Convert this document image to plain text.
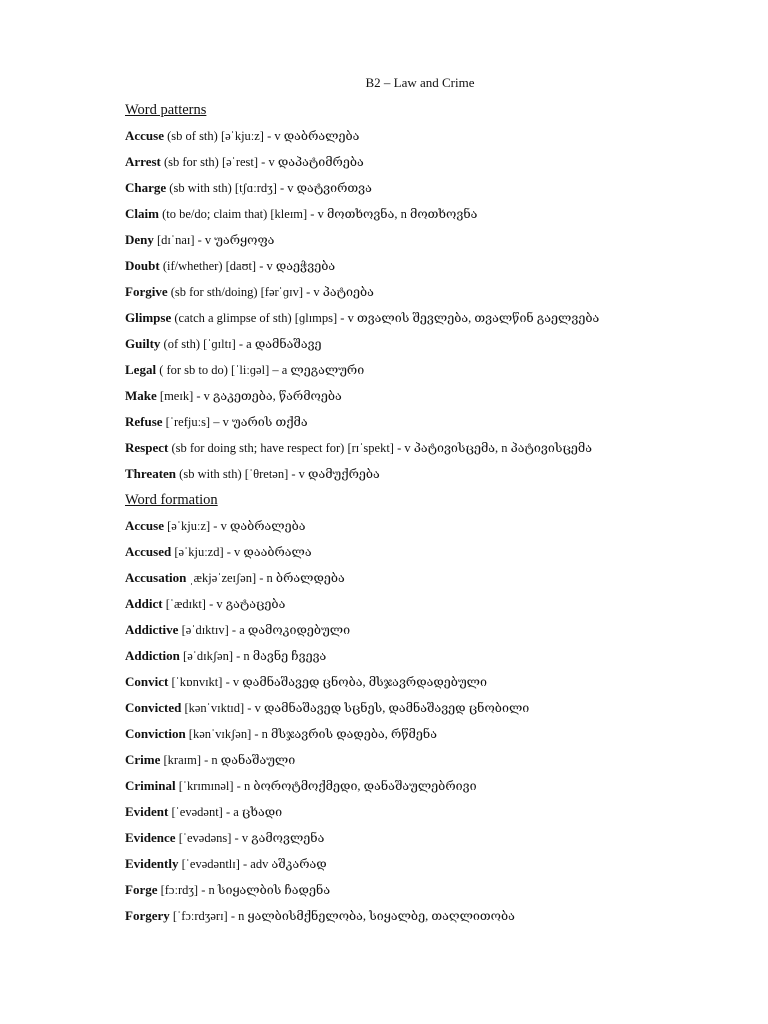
B2 – Law and Crime
Word patterns
Accuse (sb of sth) [əˈkjuːz] - v დაბრალება
Arrest (sb for sth) [əˈrest] - v დაპატიმრება
Charge (sb with sth) [tʃɑːrdʒ] - v დატვირთვა
Claim (to be/do; claim that) [kleɪm] - v მოთხოვნა, n მოთხოვნა
Deny [dɪˈnaɪ] - v უარყოფა
Doubt (if/whether) [daʊt] - v დაეჭვება
Forgive (sb for sth/doing) [fərˈɡɪv] - v პატიება
Glimpse (catch a glimpse of sth) [ɡlɪmps] - v თვალის შევლება, თვალწინ გაელვება
Guilty (of sth) [ˈɡɪltɪ] - a დამნაშავე
Legal ( for sb to do) [ˈliːɡəl] – a ლეგალური
Make [meɪk] - v გაკეთება, წარმოება
Refuse [ˈrefjuːs] – v უარის თქმა
Respect (sb for doing sth; have respect for) [rɪˈspekt] - v პატივისცემა, n პატივისცემა
Threaten (sb with sth) [ˈθretən] - v დამუქრება
Word formation
Accuse [əˈkjuːz] - v დაბრალება
Accused [əˈkjuːzd] - v დააბრალა
Accusation ˌækjəˈzeɪʃən] - n ბრალდება
Addict [ˈædɪkt] - v გატაცება
Addictive [əˈdɪktɪv] - a დამოკიდებული
Addiction [əˈdɪkʃən] - n მავნე ჩვევა
Convict [ˈkɒnvɪkt] - v დამნაშავედ ცნობა, მსჯავრდადებული
Convicted [kənˈvɪktɪd] - v დამნაშავედ სცნეს, დამნაშავედ ცნობილი
Conviction [kənˈvɪkʃən] - n მსჯავრის დადება, რწმენა
Crime [kraɪm] - n დანაშაული
Criminal [ˈkrɪmɪnəl] - n ბოროტმოქმედი, დანაშაულებრივი
Evident [ˈevədənt] - a ცხადი
Evidence [ˈevədəns] - v გამოვლენა
Evidently [ˈevədəntlɪ] - adv აშკარად
Forge [fɔːrdʒ] - n სიყალბის ჩადენა
Forgery [ˈfɔːrdʒərɪ] - n ყალბისმქნელობა, სიყალბე, თაღლითობა
